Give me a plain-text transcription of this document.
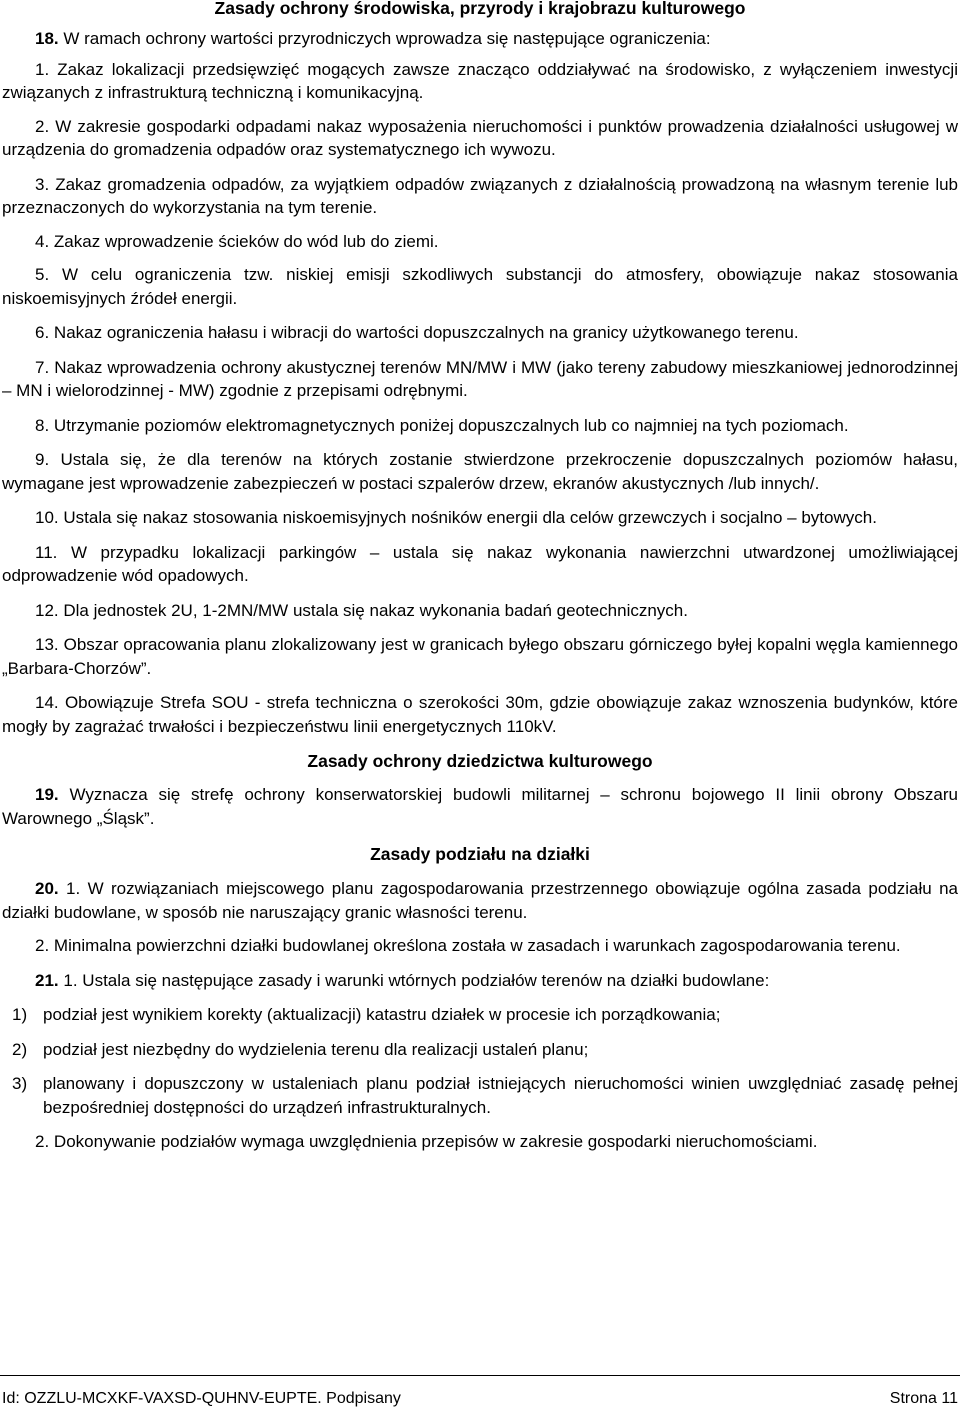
Zasady ochrony środowiska, przyrody i krajobrazu kulturowego

18. W ramach ochrony wartości przyrodniczych wprowadza się następujące ograniczenia:

1. Zakaz lokalizacji przedsięwzięć mogących zawsze znacząco oddziaływać na środowisko, z wyłączeniem inwestycji związanych z infrastrukturą techniczną i komunikacyjną.

2. W zakresie gospodarki odpadami nakaz wyposażenia nieruchomości i punktów prowadzenia działalności usługowej w urządzenia do gromadzenia odpadów oraz systematycznego ich wywozu.

3. Zakaz gromadzenia odpadów, za wyjątkiem odpadów związanych z działalnością prowadzoną na własnym terenie lub przeznaczonych do wykorzystania na tym terenie.

4. Zakaz wprowadzenie ścieków do wód lub do ziemi.

5. W celu ograniczenia tzw. niskiej emisji szkodliwych substancji do atmosfery, obowiązuje nakaz stosowania niskoemisyjnych źródeł energii.

6. Nakaz ograniczenia hałasu i wibracji do wartości dopuszczalnych na granicy użytkowanego terenu.

7. Nakaz wprowadzenia ochrony akustycznej terenów MN/MW i MW (jako tereny zabudowy mieszkaniowej jednorodzinnej – MN i wielorodzinnej - MW) zgodnie z przepisami odrębnymi.

8. Utrzymanie poziomów elektromagnetycznych poniżej dopuszczalnych lub co najmniej na tych poziomach.

9. Ustala się, że dla terenów na których zostanie stwierdzone przekroczenie dopuszczalnych poziomów hałasu, wymagane jest wprowadzenie zabezpieczeń w postaci szpalerów drzew, ekranów akustycznych /lub innych/.

10. Ustala się nakaz stosowania niskoemisyjnych nośników energii dla celów grzewczych i socjalno – bytowych.

11. W przypadku lokalizacji parkingów – ustala się nakaz wykonania nawierzchni utwardzonej umożliwiającej odprowadzenie wód opadowych.

12. Dla jednostek 2U, 1-2MN/MW ustala się nakaz wykonania badań geotechnicznych.

13. Obszar opracowania planu zlokalizowany jest w granicach byłego obszaru górniczego byłej kopalni węgla kamiennego „Barbara-Chorzów”.

14. Obowiązuje Strefa SOU - strefa techniczna o szerokości 30m, gdzie obowiązuje zakaz wznoszenia budynków, które mogły by zagrażać trwałości i bezpieczeństwu linii energetycznych 110kV.

Zasady ochrony dziedzictwa kulturowego

19. Wyznacza się strefę ochrony konserwatorskiej budowli militarnej – schronu bojowego II linii obrony Obszaru Warownego „Śląsk”.

Zasady podziału na działki

20. 1. W rozwiązaniach miejscowego planu zagospodarowania przestrzennego obowiązuje ogólna zasada podziału na działki budowlane, w sposób nie naruszający granic własności terenu.

2. Minimalna powierzchni działki budowlanej określona została w zasadach i warunkach zagospodarowania terenu.

21. 1. Ustala się następujące zasady i warunki wtórnych podziałów terenów na działki budowlane:

1) podział jest wynikiem korekty (aktualizacji) katastru działek w procesie ich porządkowania;
2) podział jest niezbędny do wydzielenia terenu dla realizacji ustaleń planu;
3) planowany i dopuszczony w ustaleniach planu podział istniejących nieruchomości winien uwzględniać zasadę pełnej bezpośredniej dostępności do urządzeń infrastrukturalnych.

2. Dokonywanie podziałów wymaga uwzględnienia przepisów w zakresie gospodarki nieruchomościami.

Id: OZZLU-MCXKF-VAXSD-QUHNV-EUPTE. Podpisany	Strona 11
